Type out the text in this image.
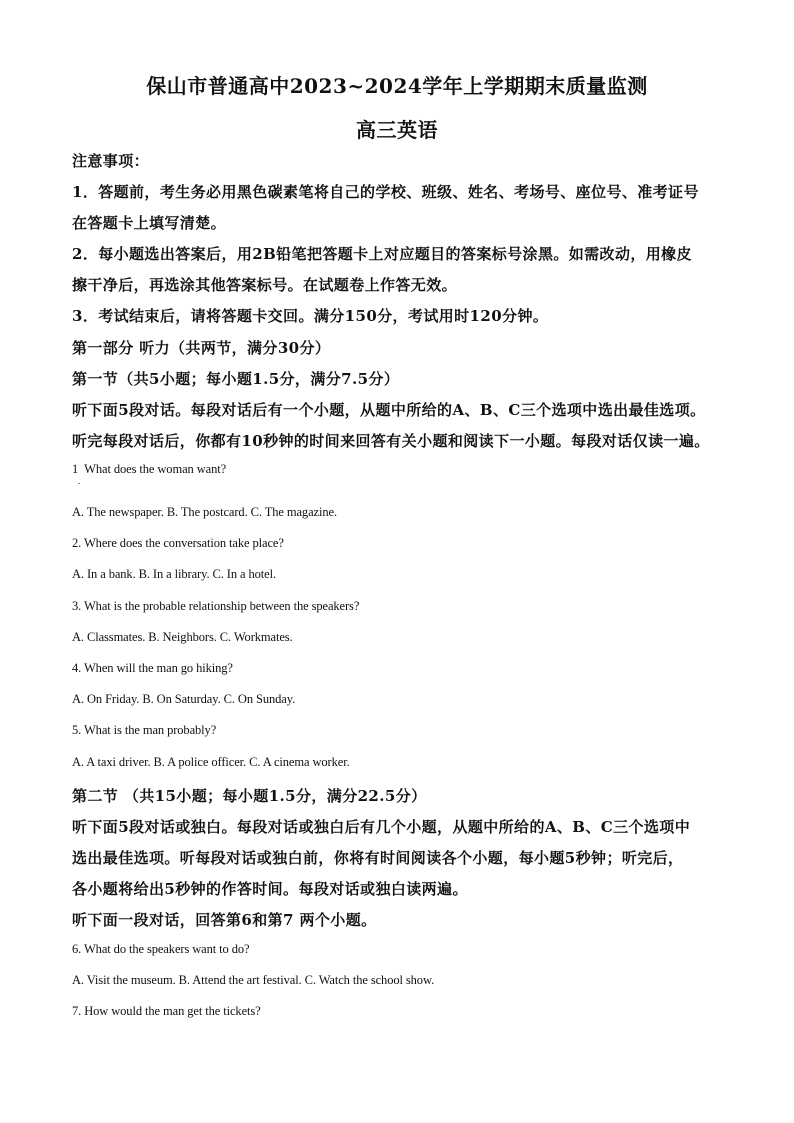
保山市普通高中2023~2024学年上学期期末质量监测
高三英语
注意事项：
1．答题前，考生务必用黑色碳素笔将自己的学校、班级、姓名、考场号、座位号、准考证号
在答题卡上填写清楚。
2．每小题选出答案后，用2B铅笔把答题卡上对应题目的答案标号涂黑。如需改动，用橡皮
擦干净后，再选涂其他答案标号。在试题卷上作答无效。
3．考试结束后，请将答题卡交回。满分150分，考试用时120分钟。
第一部分 听力（共两节，满分30分）
第一节（共5小题；每小题1.5分，满分7.5分）
听下面5段对话。每段对话后有一个小题，从题中所给的A、B、C三个选项中选出最佳选项。
听完每段对话后，你都有10秒钟的时间来回答有关小题和阅读下一小题。每段对话仅读一遍。
1 What does the woman want?
.
A. The newspaper. B. The postcard. C. The magazine.
2. Where does the conversation take place?
A. In a bank. B. In a library. C. In a hotel.
3. What is the probable relationship between the speakers?
A. Classmates. B. Neighbors. C. Workmates.
4. When will the man go hiking?
A. On Friday. B. On Saturday. C. On Sunday.
5. What is the man probably?
A. A taxi driver. B. A police officer. C. A cinema worker.
第二节 （共15小题；每小题1.5分，满分22.5分）
听下面5段对话或独白。每段对话或独白后有几个小题，从题中所给的A、B、C三个选项中
选出最佳选项。听每段对话或独白前，你将有时间阅读各个小题，每小题5秒钟；听完后，
各小题将给出5秒钟的作答时间。每段对话或独白读两遍。
听下面一段对话，回答第6和第7 两个小题。
6. What do the speakers want to do?
A. Visit the museum. B. Attend the art festival. C. Watch the school show.
7. How would the man get the tickets?
